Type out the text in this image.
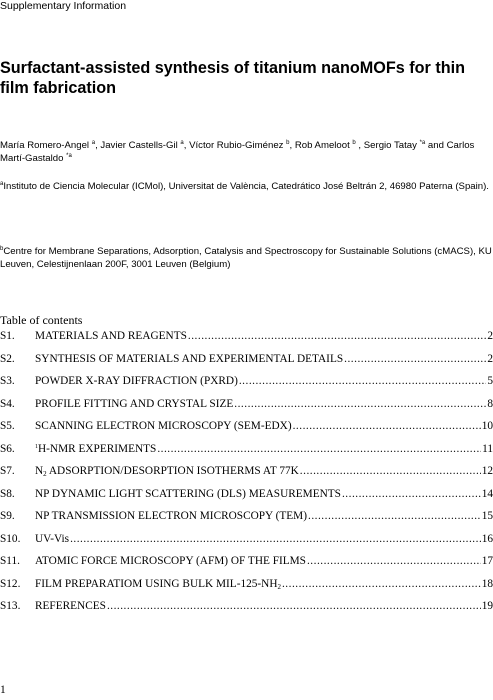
Supplementary Information
Surfactant-assisted synthesis of titanium nanoMOFs for thin film fabrication
María Romero-Angel $^a$, Javier Castells-Gil $^a$, Víctor Rubio-Giménez $^b$, Rob Ameloot $^b$ , Sergio Tatay $^{*a}$ and Carlos Martí-Gastaldo $^{*a}$
$^a$Instituto de Ciencia Molecular (ICMol), Universitat de València, Catedrático José Beltrán 2, 46980 Paterna (Spain).
$^b$Centre for Membrane Separations, Adsorption, Catalysis and Spectroscopy for Sustainable Solutions (cMACS), KU Leuven, Celestijnenlaan 200F, 3001 Leuven (Belgium)
Table of contents
S1.	MATERIALS AND REAGENTS .....	2
S2.	SYNTHESIS OF MATERIALS AND EXPERIMENTAL DETAILS .....	2
S3.	POWDER X-RAY DIFFRACTION (PXRD) .....	5
S4.	PROFILE FITTING AND CRYSTAL SIZE .....	8
S5.	SCANNING ELECTRON MICROSCOPY (SEM-EDX) .....	10
S6.	$^1$H-NMR EXPERIMENTS .....	11
S7.	$N_2$ ADSORPTION/DESORPTION ISOTHERMS AT 77K .....	12
S8.	NP DYNAMIC LIGHT SCATTERING (DLS) MEASUREMENTS .....	14
S9.	NP TRANSMISSION ELECTRON MICROSCOPY (TEM) .....	15
S10.	UV-Vis .....	16
S11.	ATOMIC FORCE MICROSCOPY (AFM) OF THE FILMS .....	17
S12.	FILM PREPARATIOM USING BULK MIL-$125-NH_2$ .....	18
S13.	REFERENCES .....	19
1
